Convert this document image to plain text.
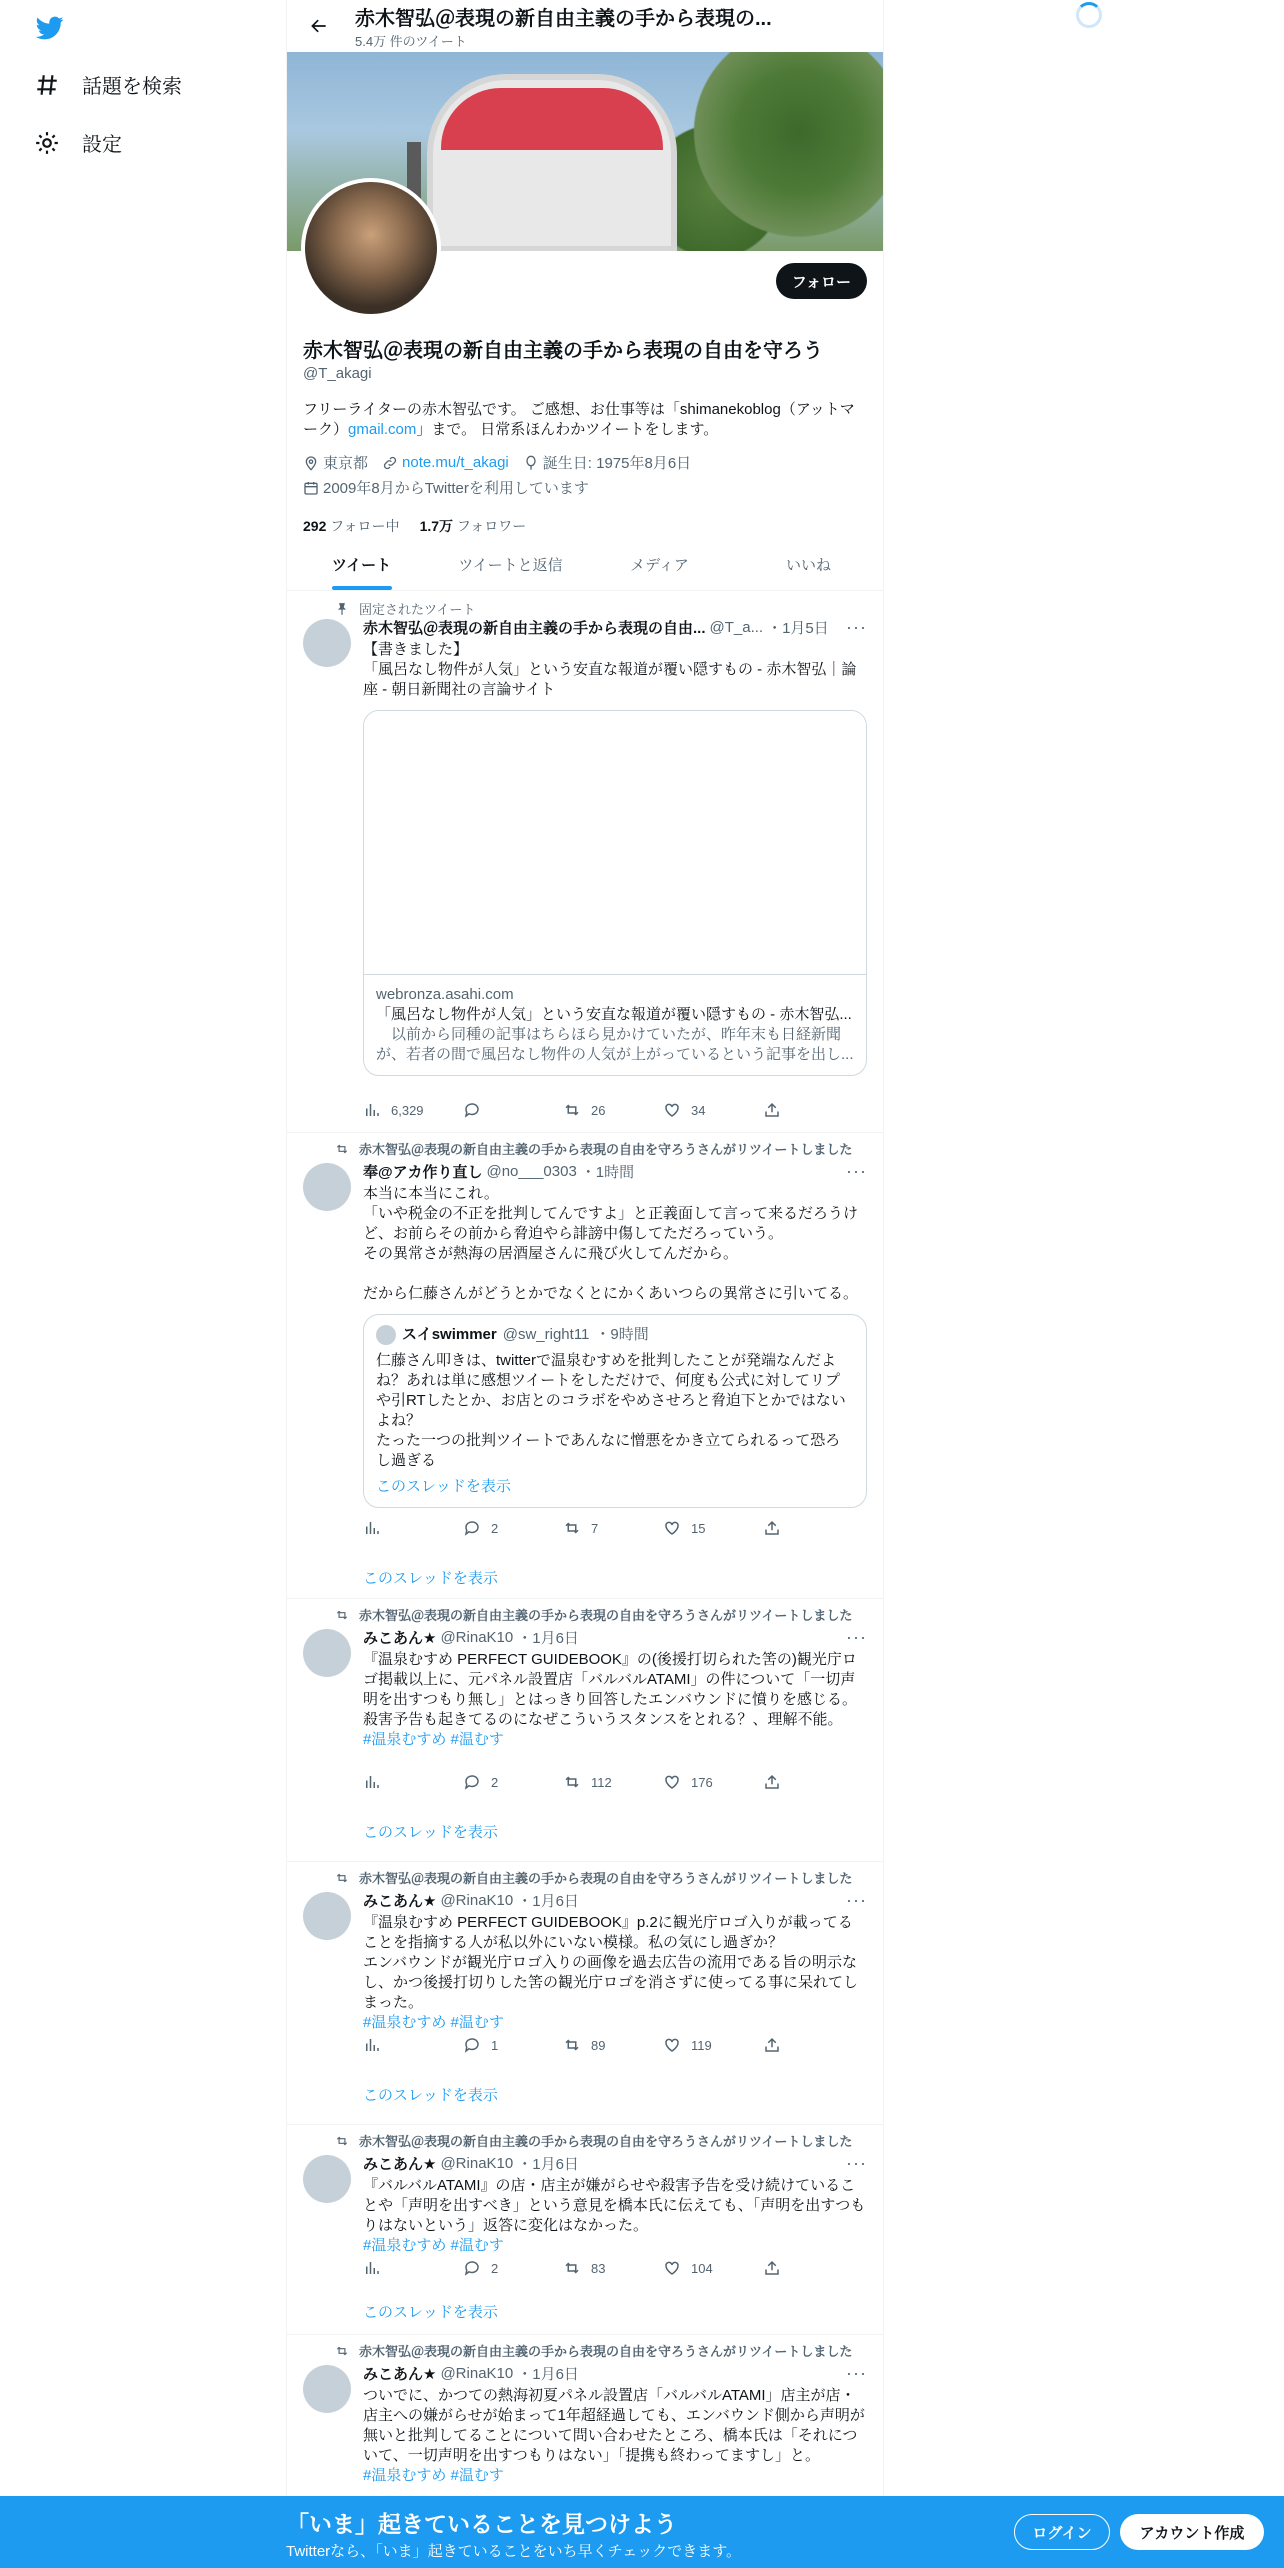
話題を検索
設定
赤木智弘＠表現の新自由主義の手から表現の...
5.4万 件のツイート
フォロー
赤木智弘＠表現の新自由主義の手から表現の自由を守ろう
@T_akagi
フリーライターの赤木智弘です。 ご感想、お仕事等は「shimanekoblog（アットマーク）gmail.com」まで。 日常系ほんわかツイートをします。
東京都 note.mu/t_akagi 誕生日: 1975年8月6日
2009年8月からTwitterを利用しています
292 フォロー中 1.7万 フォロワー
ツイート	ツイートと返信	メディア	いいね
固定されたツイート
赤木智弘＠表現の新自由主義の手から表現の自由... @T_a... ・1月5日 ···
【書きました】
「風呂なし物件が人気」という安直な報道が覆い隠すもの - 赤木智弘｜論座 - 朝日新聞社の言論サイト
webronza.asahi.com
「風呂なし物件が人気」という安直な報道が覆い隠すもの - 赤木智弘...
　以前から同種の記事はちらほら見かけていたが、昨年末も日経新聞が、若者の間で風呂なし物件の人気が上がっているという記事を出し...
6,329	26	34
赤木智弘＠表現の新自由主義の手から表現の自由を守ろうさんがリツイートしました
奉@アカ作り直し @no___0303 ・1時間	···
本当に本当にこれ。
「いや税金の不正を批判してんですよ」と正義面して言って来るだろうけど、お前らその前から脅迫やら誹謗中傷してただろっていう。
その異常さが熱海の居酒屋さんに飛び火してんだから。

だから仁藤さんがどうとかでなくとにかくあいつらの異常さに引いてる。
スイswimmer @sw_right11 ・9時間
仁藤さん叩きは、twitterで温泉むすめを批判したことが発端なんだよね？あれは単に感想ツイートをしただけで、何度も公式に対してリプや引RTしたとか、お店とのコラボをやめさせろと脅迫下とかではないよね？
たった一つの批判ツイートであんなに憎悪をかき立てられるって恐ろし過ぎる
このスレッドを表示
2	7	15
このスレッドを表示
赤木智弘＠表現の新自由主義の手から表現の自由を守ろうさんがリツイートしました
みこあん★ @RinaK10 ・1月6日	···
『温泉むすめ PERFECT GUIDEBOOK』の(後援打切られた筈の)観光庁ロゴ掲載以上に、元パネル設置店「バルバルATAMI」の件について「一切声明を出すつもり無し」とはっきり回答したエンバウンドに憤りを感じる。
殺害予告も起きてるのになぜこういうスタンスをとれる？、理解不能。
#温泉むすめ #温むす
2	112	176
このスレッドを表示
赤木智弘＠表現の新自由主義の手から表現の自由を守ろうさんがリツイートしました
みこあん★ @RinaK10 ・1月6日	···
『温泉むすめ PERFECT GUIDEBOOK』p.2に観光庁ロゴ入りが載ってることを指摘する人が私以外にいない模様。私の気にし過ぎか？
エンバウンドが観光庁ロゴ入りの画像を過去広告の流用である旨の明示なし、かつ後援打切りした筈の観光庁ロゴを消さずに使ってる事に呆れてしまった。
#温泉むすめ #温むす
1	89	119
このスレッドを表示
赤木智弘＠表現の新自由主義の手から表現の自由を守ろうさんがリツイートしました
みこあん★ @RinaK10 ・1月6日	···
『バルバルATAMI』の店・店主が嫌がらせや殺害予告を受け続けていることや「声明を出すべき」という意見を橋本氏に伝えても、「声明を出すつもりはないという」返答に変化はなかった。
#温泉むすめ #温むす
2	83	104
このスレッドを表示
赤木智弘＠表現の新自由主義の手から表現の自由を守ろうさんがリツイートしました
みこあん★ @RinaK10 ・1月6日	···
ついでに、かつての熱海初夏パネル設置店「バルバルATAMI」店主が店・店主への嫌がらせが始まって1年超経過しても、エンバウンド側から声明が無いと批判してることについて問い合わせたところ、橋本氏は「それについて、一切声明を出すつもりはない」「提携も終わってますし」と。
#温泉むすめ #温むす
「いま」起きていることを見つけよう
Twitterなら、「いま」起きていることをいち早くチェックできます。
ログイン	アカウント作成
